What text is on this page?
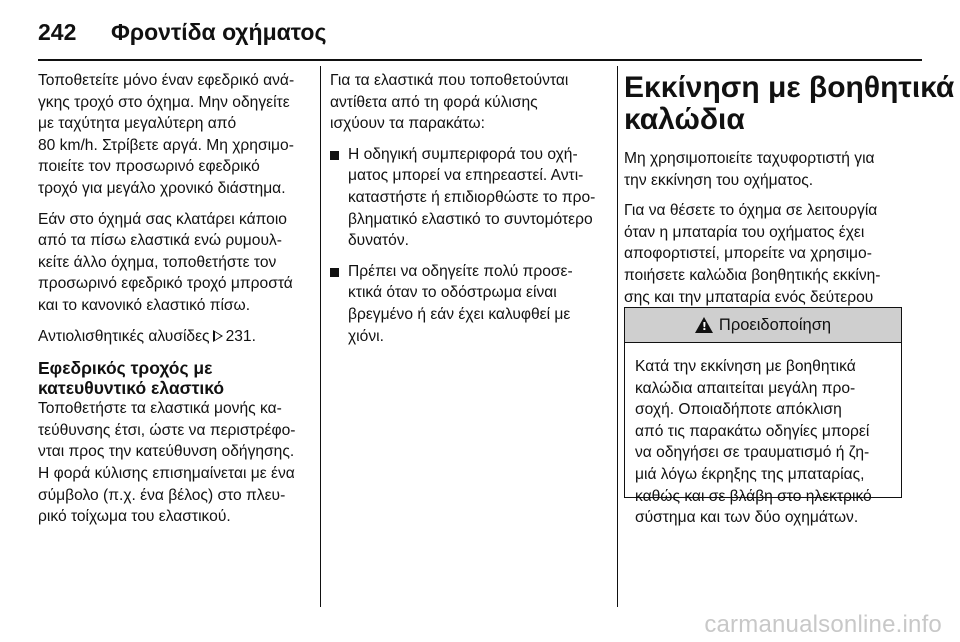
242	Φροντίδα οχήματος

Τοποθετείτε μόνο έναν εφεδρικό ανά-
γκης τροχό στο όχημα. Μην οδηγείτε
με ταχύτητα μεγαλύτερη από
80 km/h. Στρίβετε αργά. Μη χρησιμο-
ποιείτε τον προσωρινό εφεδρικό
τροχό για μεγάλο χρονικό διάστημα.

Εάν στο όχημά σας κλατάρει κάποιο
από τα πίσω ελαστικά ενώ ρυμουλ-
κείτε άλλο όχημα, τοποθετήστε τον
προσωρινό εφεδρικό τροχό μπροστά
και το κανονικό ελαστικό πίσω.

Αντιολισθητικές αλυσίδες 231.

Εφεδρικός τροχός με
κατευθυντικό ελαστικό

Τοποθετήστε τα ελαστικά μονής κα-
τεύθυνσης έτσι, ώστε να περιστρέφο-
νται προς την κατεύθυνση οδήγησης.
Η φορά κύλισης επισημαίνεται με ένα
σύμβολο (π.χ. ένα βέλος) στο πλευ-
ρικό τοίχωμα του ελαστικού.

Για τα ελαστικά που τοποθετούνται
αντίθετα από τη φορά κύλισης
ισχύουν τα παρακάτω:

Η οδηγική συμπεριφορά του οχή-
ματος μπορεί να επηρεαστεί. Αντι-
καταστήστε ή επιδιορθώστε το προ-
βληματικό ελαστικό το συντομότερο
δυνατόν.
Πρέπει να οδηγείτε πολύ προσε-
κτικά όταν το οδόστρωμα είναι
βρεγμένο ή εάν έχει καλυφθεί με
χιόνι.
Εκκίνηση με βοηθητικά
καλώδια

Μη χρησιμοποιείτε ταχυφορτιστή για
την εκκίνηση του οχήματος.

Για να θέσετε το όχημα σε λειτουργία
όταν η μπαταρία του οχήματος έχει
αποφορτιστεί, μπορείτε να χρησιμο-
ποιήσετε καλώδια βοηθητικής εκκίνη-
σης και την μπαταρία ενός δεύτερου

! Προειδοποίηση
Κατά την εκκίνηση με βοηθητικά
καλώδια απαιτείται μεγάλη προ-
σοχή. Οποιαδήποτε απόκλιση
από τις παρακάτω οδηγίες μπορεί
να οδηγήσει σε τραυματισμό ή ζη-
μιά λόγω έκρηξης της μπαταρίας,
καθώς και σε βλάβη στο ηλεκτρικό
σύστημα και των δύο οχημάτων.
carmanualsonline.info
